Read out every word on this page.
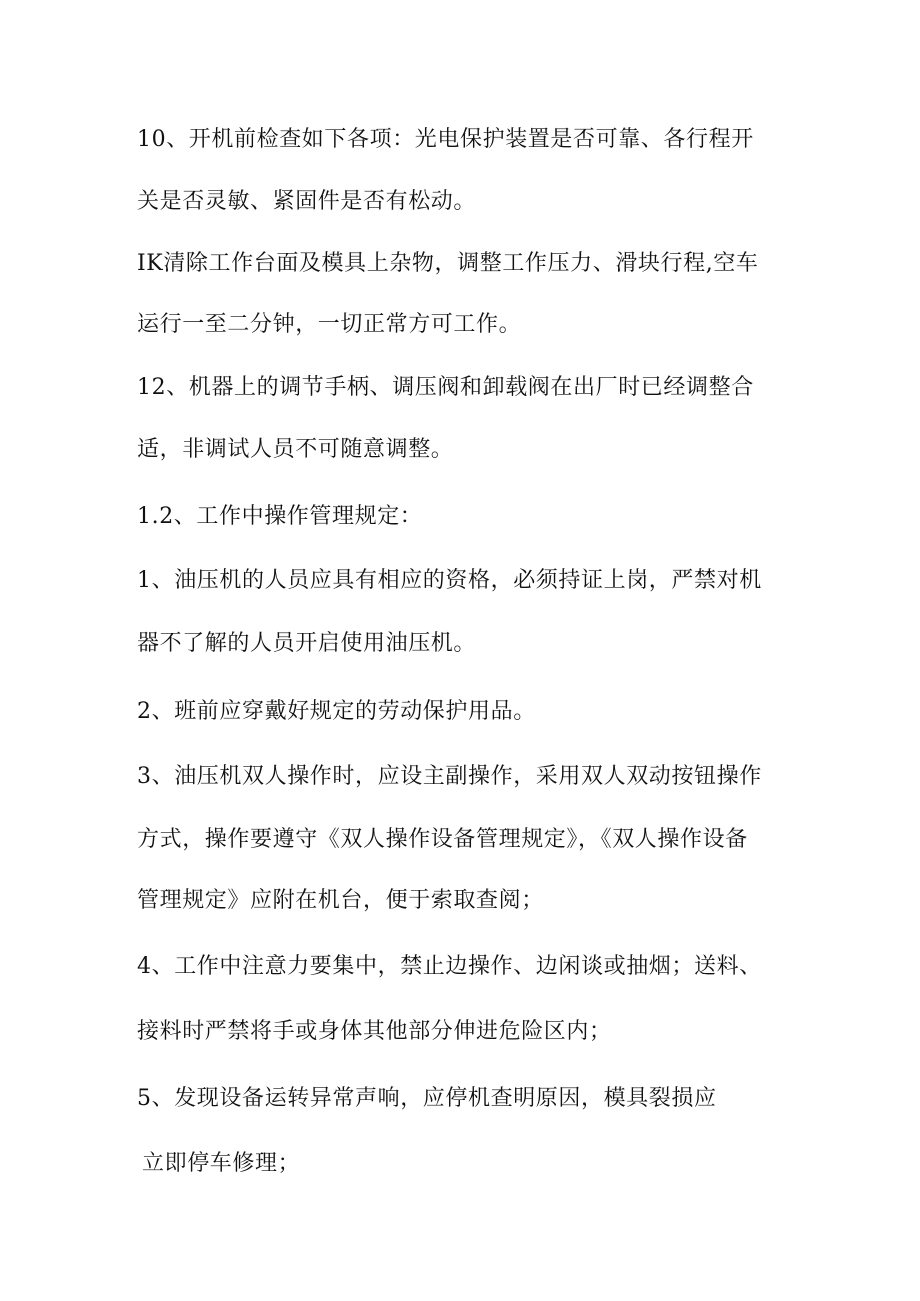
10、开机前检查如下各项：光电保护装置是否可靠、各行程开
关是否灵敏、紧固件是否有松动。
IK清除工作台面及模具上杂物，调整工作压力、滑块行程,空车
运行一至二分钟，一切正常方可工作。
12、机器上的调节手柄、调压阀和卸载阀在出厂时已经调整合
适，非调试人员不可随意调整。
1.2、工作中操作管理规定：
1、油压机的人员应具有相应的资格，必须持证上岗，严禁对机
器不了解的人员开启使用油压机。
2、班前应穿戴好规定的劳动保护用品。
3、油压机双人操作时，应设主副操作，采用双人双动按钮操作
方式，操作要遵守《双人操作设备管理规定》，《双人操作设备
管理规定》应附在机台，便于索取查阅；
4、工作中注意力要集中，禁止边操作、边闲谈或抽烟；送料、
接料时严禁将手或身体其他部分伸进危险区内；
5、发现设备运转异常声响，应停机查明原因，模具裂损应
立即停车修理；
